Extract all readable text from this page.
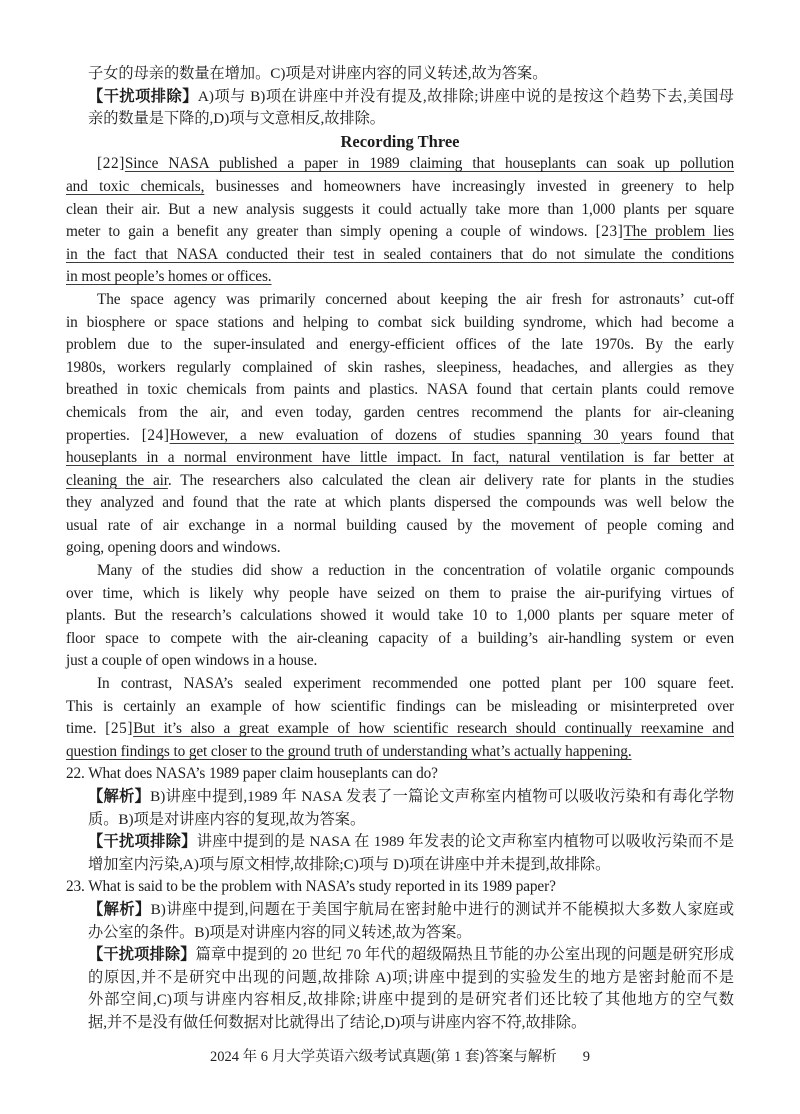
子女的母亲的数量在增加。C)项是对讲座内容的同义转述,故为答案。
【干扰项排除】A)项与 B)项在讲座中并没有提及,故排除;讲座中说的是按这个趋势下去,美国母
亲的数量是下降的,D)项与文意相反,故排除。
Recording Three
[22]Since NASA published a paper in 1989 claiming that houseplants can soak up pollution
and toxic chemicals, businesses and homeowners have increasingly invested in greenery to help
clean their air. But a new analysis suggests it could actually take more than 1,000 plants per square
meter to gain a benefit any greater than simply opening a couple of windows. [23]The problem lies
in the fact that NASA conducted their test in sealed containers that do not simulate the conditions
in most people’s homes or offices.
The space agency was primarily concerned about keeping the air fresh for astronauts’ cut-off
in biosphere or space stations and helping to combat sick building syndrome, which had become a
problem due to the super-insulated and energy-efficient offices of the late 1970s. By the early
1980s, workers regularly complained of skin rashes, sleepiness, headaches, and allergies as they
breathed in toxic chemicals from paints and plastics. NASA found that certain plants could remove
chemicals from the air, and even today, garden centres recommend the plants for air-cleaning
properties. [24]However, a new evaluation of dozens of studies spanning 30 years found that
houseplants in a normal environment have little impact. In fact, natural ventilation is far better at
cleaning the air. The researchers also calculated the clean air delivery rate for plants in the studies
they analyzed and found that the rate at which plants dispersed the compounds was well below the
usual rate of air exchange in a normal building caused by the movement of people coming and
going, opening doors and windows.
Many of the studies did show a reduction in the concentration of volatile organic compounds
over time, which is likely why people have seized on them to praise the air-purifying virtues of
plants. But the research’s calculations showed it would take 10 to 1,000 plants per square meter of
floor space to compete with the air-cleaning capacity of a building’s air-handling system or even
just a couple of open windows in a house.
In contrast, NASA’s sealed experiment recommended one potted plant per 100 square feet.
This is certainly an example of how scientific findings can be misleading or misinterpreted over
time. [25]But it’s also a great example of how scientific research should continually reexamine and
question findings to get closer to the ground truth of understanding what’s actually happening.
22. What does NASA’s 1989 paper claim houseplants can do?
【解析】B)讲座中提到,1989 年 NASA 发表了一篇论文声称室内植物可以吸收污染和有毒化学物
质。B)项是对讲座内容的复现,故为答案。
【干扰项排除】讲座中提到的是 NASA 在 1989 年发表的论文声称室内植物可以吸收污染而不是
增加室内污染,A)项与原文相悖,故排除;C)项与 D)项在讲座中并未提到,故排除。
23. What is said to be the problem with NASA’s study reported in its 1989 paper?
【解析】B)讲座中提到,问题在于美国宇航局在密封舱中进行的测试并不能模拟大多数人家庭或
办公室的条件。B)项是对讲座内容的同义转述,故为答案。
【干扰项排除】篇章中提到的 20 世纪 70 年代的超级隔热且节能的办公室出现的问题是研究形成
的原因,并不是研究中出现的问题,故排除 A)项;讲座中提到的实验发生的地方是密封舱而不是
外部空间,C)项与讲座内容相反,故排除;讲座中提到的是研究者们还比较了其他地方的空气数
据,并不是没有做任何数据对比就得出了结论,D)项与讲座内容不符,故排除。
2024 年 6 月大学英语六级考试真题(第 1 套)答案与解析 9
